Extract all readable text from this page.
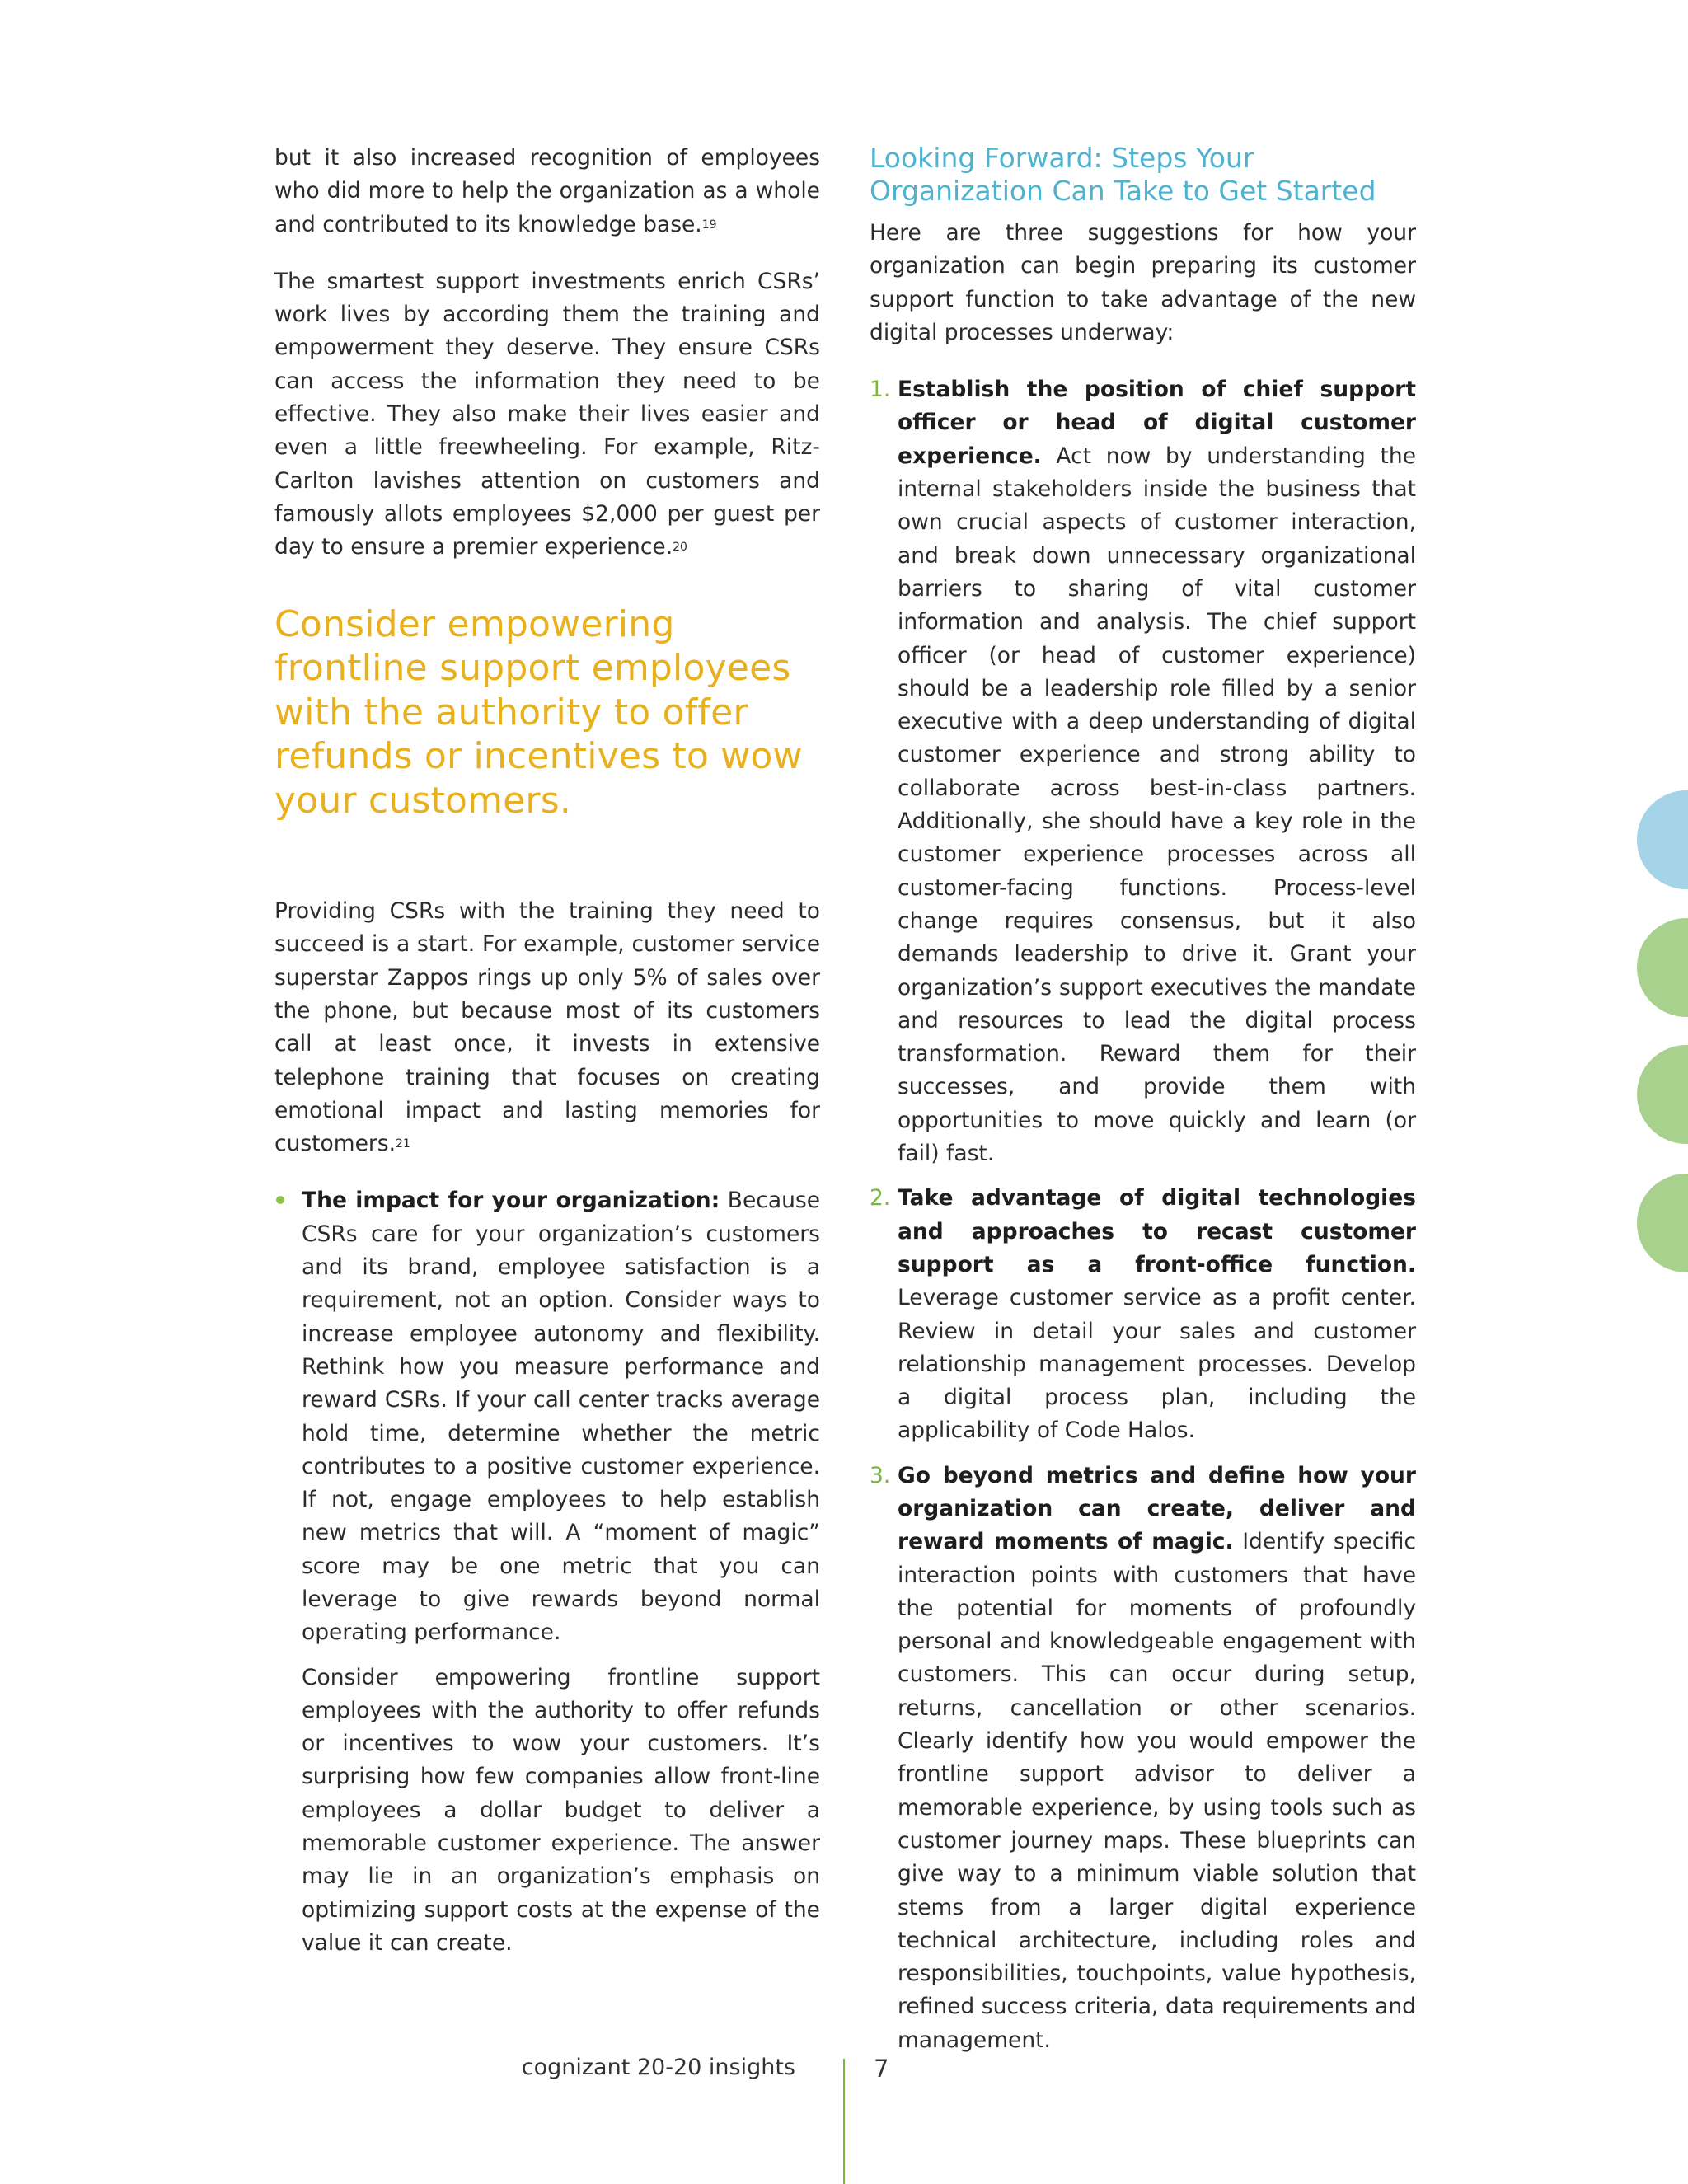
but it also increased recognition of employees who did more to help the organization as a whole and contributed to its knowledge base.$^{19}$

The smartest support investments enrich CSRs’ work lives by according them the training and empowerment they deserve. They ensure CSRs can access the information they need to be effective. They also make their lives easier and even a little freewheeling. For example, Ritz-Carlton lavishes attention on customers and famously allots employees $2,000 per guest per day to ensure a premier experience.$^{20}$

Consider empowering frontline support employees with the authority to offer refunds or incentives to wow your customers.

Providing CSRs with the training they need to succeed is a start. For example, customer service superstar Zappos rings up only 5% of sales over the phone, but because most of its customers call at least once, it invests in extensive telephone training that focuses on creating emotional impact and lasting memories for customers.$^{21}$

The impact for your organization: Because CSRs care for your organization’s customers and its brand, employee satisfaction is a requirement, not an option. Consider ways to increase employee autonomy and flexibility. Rethink how you measure performance and reward CSRs. If your call center tracks average hold time, determine whether the metric contributes to a positive customer experience. If not, engage employees to help establish new metrics that will. A “moment of magic” score may be one metric that you can leverage to give rewards beyond normal operating performance.

Consider empowering frontline support employees with the authority to offer refunds or incentives to wow your customers. It’s surprising how few companies allow front-line employees a dollar budget to deliver a memorable customer experience. The answer may lie in an organization’s emphasis on optimizing support costs at the expense of the value it can create.

Looking Forward: Steps Your Organization Can Take to Get Started

Here are three suggestions for how your organization can begin preparing its customer support function to take advantage of the new digital processes underway:

1. Establish the position of chief support officer or head of digital customer experience. Act now by understanding the internal stakeholders inside the business that own crucial aspects of customer interaction, and break down unnecessary organizational barriers to sharing of vital customer information and analysis. The chief support officer (or head of customer experience) should be a leadership role filled by a senior executive with a deep understanding of digital customer experience and strong ability to collaborate across best-in-class partners. Additionally, she should have a key role in the customer experience processes across all customer-facing functions. Process-level change requires consensus, but it also demands leadership to drive it. Grant your organization’s support executives the mandate and resources to lead the digital process transformation. Reward them for their successes, and provide them with opportunities to move quickly and learn (or fail) fast.

2. Take advantage of digital technologies and approaches to recast customer support as a front-office function. Leverage customer service as a profit center. Review in detail your sales and customer relationship management processes. Develop a digital process plan, including the applicability of Code Halos.

3. Go beyond metrics and define how your organization can create, deliver and reward moments of magic. Identify specific interaction points with customers that have the potential for moments of profoundly personal and knowledgeable engagement with customers. This can occur during setup, returns, cancellation or other scenarios. Clearly identify how you would empower the frontline support advisor to deliver a memorable experience, by using tools such as customer journey maps. These blueprints can give way to a minimum viable solution that stems from a larger digital experience technical architecture, including roles and responsibilities, touchpoints, value hypothesis, refined success criteria, data requirements and management.

cognizant 20-20 insights	7
